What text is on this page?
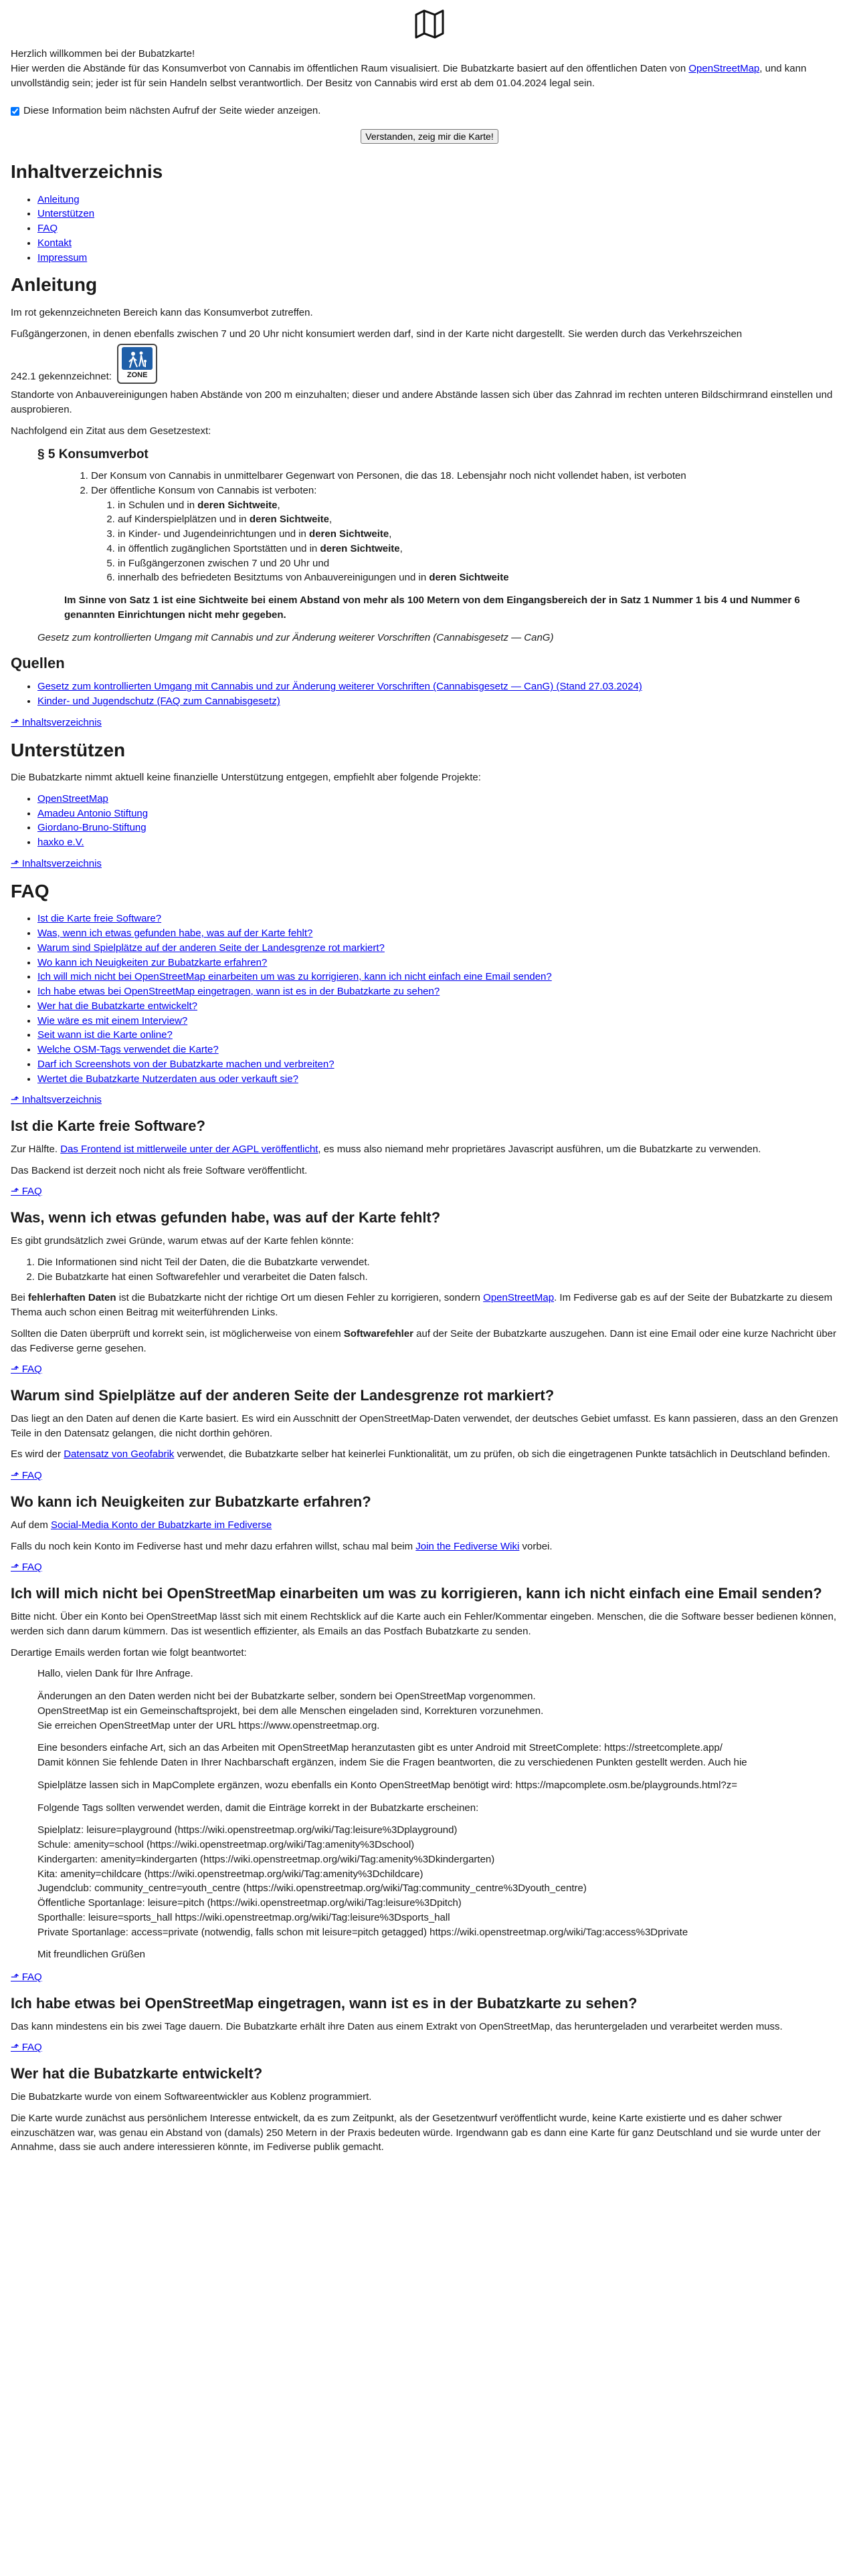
Herzlich willkommen bei der Bubatzkarte!

Hier werden die Abstände für das Konsumverbot von Cannabis im öffentlichen Raum visualisiert. Die Bubatzkarte basiert auf den öffentlichen Daten von OpenStreetMap, und kann unvollständig sein; jeder ist für sein Handeln selbst verantwortlich. Der Besitz von Cannabis wird erst ab dem 01.04.2024 legal sein.

Diese Information beim nächsten Aufruf der Seite wieder anzeigen.
Verstanden, zeig mir die Karte!
Inhaltverzeichnis
• Anleitung
• Unterstützen
• FAQ
• Kontakt
• Impressum
Anleitung

Im rot gekennzeichneten Bereich kann das Konsumverbot zutreffen.

Fußgängerzonen, in denen ebenfalls zwischen 7 und 20 Uhr nicht konsumiert werden darf, sind in der Karte nicht dargestellt. Sie werden durch das Verkehrszeichen
242.1 gekennzeichnet:	ZONE

Standorte von Anbauvereinigungen haben Abstände von 200 m einzuhalten; dieser und andere Abstände lassen sich über das Zahnrad im rechten unteren Bildschirmrand einstellen und ausprobieren.

Nachfolgend ein Zitat aus dem Gesetzestext:

§ 5 Konsumverbot
1. Der Konsum von Cannabis in unmittelbarer Gegenwart von Personen, die das 18. Lebensjahr noch nicht vollendet haben, ist verboten
2. Der öffentliche Konsum von Cannabis ist verboten:
1. in Schulen und in deren Sichtweite,
2. auf Kinderspielplätzen und in deren Sichtweite,
3. in Kinder- und Jugendeinrichtungen und in deren Sichtweite,
4. in öffentlich zugänglichen Sportstätten und in deren Sichtweite,
5. in Fußgängerzonen zwischen 7 und 20 Uhr und
6. innerhalb des befriedeten Besitztums von Anbauvereinigungen und in deren Sichtweite

Im Sinne von Satz 1 ist eine Sichtweite bei einem Abstand von mehr als 100 Metern von dem Eingangsbereich der in Satz 1 Nummer 1 bis 4 und Nummer 6 genannten Einrichtungen nicht mehr gegeben.

Gesetz zum kontrollierten Umgang mit Cannabis und zur Änderung weiterer Vorschriften (Cannabisgesetz — CanG)

Quellen
• Gesetz zum kontrollierten Umgang mit Cannabis und zur Änderung weiterer Vorschriften (Cannabisgesetz — CanG) (Stand 27.03.2024)
• Kinder- und Jugendschutz (FAQ zum Cannabisgesetz)
⬏ Inhaltsverzeichnis
Unterstützen

Die Bubatzkarte nimmt aktuell keine finanzielle Unterstützung entgegen, empfiehlt aber folgende Projekte:

• OpenStreetMap
• Amadeu Antonio Stiftung
• Giordano-Bruno-Stiftung
• haxko e.V.
⬏ Inhaltsverzeichnis
FAQ
• Ist die Karte freie Software?
• Was, wenn ich etwas gefunden habe, was auf der Karte fehlt?
• Warum sind Spielplätze auf der anderen Seite der Landesgrenze rot markiert?
• Wo kann ich Neuigkeiten zur Bubatzkarte erfahren?
• Ich will mich nicht bei OpenStreetMap einarbeiten um was zu korrigieren, kann ich nicht einfach eine Email senden?
• Ich habe etwas bei OpenStreetMap eingetragen, wann ist es in der Bubatzkarte zu sehen?
• Wer hat die Bubatzkarte entwickelt?
• Wie wäre es mit einem Interview?
• Seit wann ist die Karte online?
• Welche OSM-Tags verwendet die Karte?
• Darf ich Screenshots von der Bubatzkarte machen und verbreiten?
• Wertet die Bubatzkarte Nutzerdaten aus oder verkauft sie?
⬏ Inhaltsverzeichnis
Ist die Karte freie Software?

Zur Hälfte. Das Frontend ist mittlerweile unter der AGPL veröffentlicht, es muss also niemand mehr proprietäres Javascript ausführen, um die Bubatzkarte zu verwenden.

Das Backend ist derzeit noch nicht als freie Software veröffentlicht.

⬏ FAQ
Was, wenn ich etwas gefunden habe, was auf der Karte fehlt?

Es gibt grundsätzlich zwei Gründe, warum etwas auf der Karte fehlen könnte:

1. Die Informationen sind nicht Teil der Daten, die die Bubatzkarte verwendet.
2. Die Bubatzkarte hat einen Softwarefehler und verarbeitet die Daten falsch.

Bei fehlerhaften Daten ist die Bubatzkarte nicht der richtige Ort um diesen Fehler zu korrigieren, sondern OpenStreetMap. Im Fediverse gab es auf der Seite der Bubatzkarte zu diesem Thema auch schon einen Beitrag mit weiterführenden Links.

Sollten die Daten überprüft und korrekt sein, ist möglicherweise von einem Softwarefehler auf der Seite der Bubatzkarte auszugehen. Dann ist eine Email oder eine kurze Nachricht über das Fediverse gerne gesehen.

⬏ FAQ
Warum sind Spielplätze auf der anderen Seite der Landesgrenze rot markiert?

Das liegt an den Daten auf denen die Karte basiert. Es wird ein Ausschnitt der OpenStreetMap-Daten verwendet, der deutsches Gebiet umfasst. Es kann passieren, dass an den Grenzen Teile in den Datensatz gelangen, die nicht dorthin gehören.

Es wird der Datensatz von Geofabrik verwendet, die Bubatzkarte selber hat keinerlei Funktionalität, um zu prüfen, ob sich die eingetragenen Punkte tatsächlich in Deutschland befinden.

⬏ FAQ
Wo kann ich Neuigkeiten zur Bubatzkarte erfahren?

Auf dem Social-Media Konto der Bubatzkarte im Fediverse

Falls du noch kein Konto im Fediverse hast und mehr dazu erfahren willst, schau mal beim Join the Fediverse Wiki vorbei.

⬏ FAQ
Ich will mich nicht bei OpenStreetMap einarbeiten um was zu korrigieren, kann ich nicht einfach eine Email senden?

Bitte nicht. Über ein Konto bei OpenStreetMap lässt sich mit einem Rechtsklick auf die Karte auch ein Fehler/Kommentar eingeben. Menschen, die die Software besser bedienen können, werden sich dann darum kümmern. Das ist wesentlich effizienter, als Emails an das Postfach Bubatzkarte zu senden.

Derartige Emails werden fortan wie folgt beantwortet:

Hallo, vielen Dank für Ihre Anfrage.

Änderungen an den Daten werden nicht bei der Bubatzkarte selber, sondern bei OpenStreetMap vorgenommen.
OpenStreetMap ist ein Gemeinschaftsprojekt, bei dem alle Menschen eingeladen sind, Korrekturen vorzunehmen.
Sie erreichen OpenStreetMap unter der URL https://www.openstreetmap.org.

Eine besonders einfache Art, sich an das Arbeiten mit OpenStreetMap heranzutasten gibt es unter Android mit StreetComplete: https://streetcomplete.app/
Damit können Sie fehlende Daten in Ihrer Nachbarschaft ergänzen, indem Sie die Fragen beantworten, die zu verschiedenen Punkten gestellt werden. Auch hie

Spielplätze lassen sich in MapComplete ergänzen, wozu ebenfalls ein Konto OpenStreetMap benötigt wird: https://mapcomplete.osm.be/playgrounds.html?z=

Folgende Tags sollten verwendet werden, damit die Einträge korrekt in der Bubatzkarte erscheinen:

Spielplatz: leisure=playground (https://wiki.openstreetmap.org/wiki/Tag:leisure%3Dplayground)
Schule: amenity=school (https://wiki.openstreetmap.org/wiki/Tag:amenity%3Dschool)
Kindergarten: amenity=kindergarten (https://wiki.openstreetmap.org/wiki/Tag:amenity%3Dkindergarten)
Kita: amenity=childcare (https://wiki.openstreetmap.org/wiki/Tag:amenity%3Dchildcare)
Jugendclub: community_centre=youth_centre (https://wiki.openstreetmap.org/wiki/Tag:community_centre%3Dyouth_centre)
Öffentliche Sportanlage: leisure=pitch (https://wiki.openstreetmap.org/wiki/Tag:leisure%3Dpitch)
Sporthalle: leisure=sports_hall https://wiki.openstreetmap.org/wiki/Tag:leisure%3Dsports_hall
Private Sportanlage: access=private (notwendig, falls schon mit leisure=pitch getagged) https://wiki.openstreetmap.org/wiki/Tag:access%3Dprivate

Mit freundlichen Grüßen

⬏ FAQ
Ich habe etwas bei OpenStreetMap eingetragen, wann ist es in der Bubatzkarte zu sehen?

Das kann mindestens ein bis zwei Tage dauern. Die Bubatzkarte erhält ihre Daten aus einem Extrakt von OpenStreetMap, das heruntergeladen und verarbeitet werden muss.

⬏ FAQ
Wer hat die Bubatzkarte entwickelt?

Die Bubatzkarte wurde von einem Softwareentwickler aus Koblenz programmiert.

Die Karte wurde zunächst aus persönlichem Interesse entwickelt, da es zum Zeitpunkt, als der Gesetzentwurf veröffentlicht wurde, keine Karte existierte und es daher schwer einzuschätzen war, was genau ein Abstand von (damals) 250 Metern in der Praxis bedeuten würde. Irgendwann gab es dann eine Karte für ganz Deutschland und sie wurde unter der Annahme, dass sie auch andere interessieren könnte, im Fediverse publik gemacht.
